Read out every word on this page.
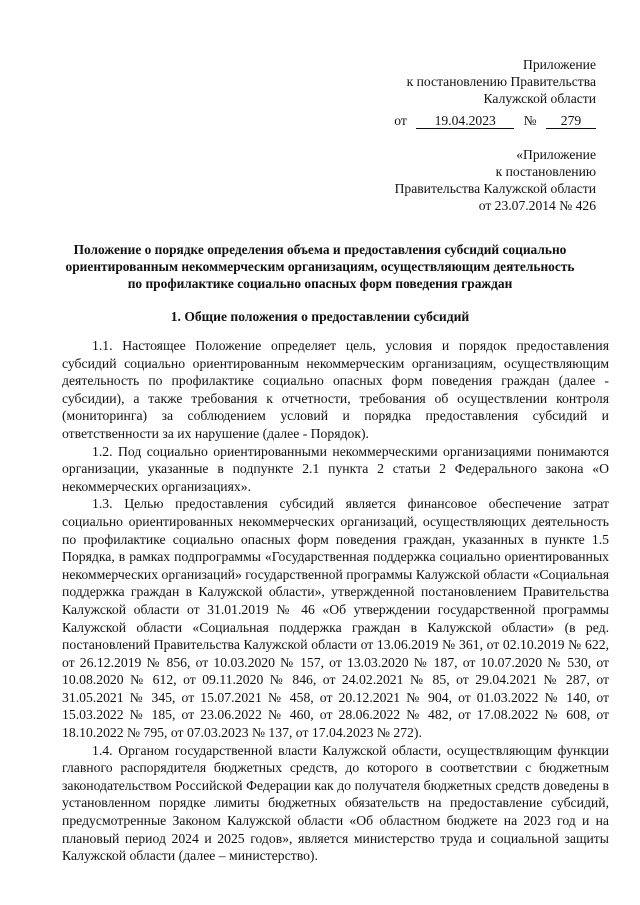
Приложение
к постановлению Правительства
Калужской области
от 19.04.2023 № 279
«Приложение
к постановлению
Правительства Калужской области
от 23.07.2014 № 426
Положение о порядке определения объема и предоставления субсидий социально
ориентированным некоммерческим организациям, осуществляющим деятельность
по профилактике социально опасных форм поведения граждан
1. Общие положения о предоставлении субсидий

1.1. Настоящее Положение определяет цель, условия и порядок предоставления субсидий социально ориентированным некоммерческим организациям, осуществляющим деятельность по профилактике социально опасных форм поведения граждан (далее - субсидии), а также требования к отчетности, требования об осуществлении контроля (мониторинга) за соблюдением условий и порядка предоставления субсидий и ответственности за их нарушение (далее - Порядок).

1.2. Под социально ориентированными некоммерческими организациями понимаются организации, указанные в подпункте 2.1 пункта 2 статьи 2 Федерального закона «О некоммерческих организациях».

1.3. Целью предоставления субсидий является финансовое обеспечение затрат социально ориентированных некоммерческих организаций, осуществляющих деятельность по профилактике социально опасных форм поведения граждан, указанных в пункте 1.5 Порядка, в рамках подпрограммы «Государственная поддержка социально ориентированных некоммерческих организаций» государственной программы Калужской области «Социальная поддержка граждан в Калужской области», утвержденной постановлением Правительства Калужской области от 31.01.2019 № 46 «Об утверждении государственной программы Калужской области «Социальная поддержка граждан в Калужской области» (в ред. постановлений Правительства Калужской области от 13.06.2019 № 361, от 02.10.2019 № 622, от 26.12.2019 № 856, от 10.03.2020 № 157, от 13.03.2020 № 187, от 10.07.2020 № 530, от 10.08.2020 № 612, от 09.11.2020 № 846, от 24.02.2021 № 85, от 29.04.2021 № 287, от 31.05.2021 № 345, от 15.07.2021 № 458, от 20.12.2021 № 904, от 01.03.2022 № 140, от 15.03.2022 № 185, от 23.06.2022 № 460, от 28.06.2022 № 482, от 17.08.2022 № 608, от 18.10.2022 № 795, от 07.03.2023 № 137, от 17.04.2023 № 272).

1.4. Органом государственной власти Калужской области, осуществляющим функции главного распорядителя бюджетных средств, до которого в соответствии с бюджетным законодательством Российской Федерации как до получателя бюджетных средств доведены в установленном порядке лимиты бюджетных обязательств на предоставление субсидий, предусмотренные Законом Калужской области «Об областном бюджете на 2023 год и на плановый период 2024 и 2025 годов», является министерство труда и социальной защиты Калужской области (далее – министерство).
